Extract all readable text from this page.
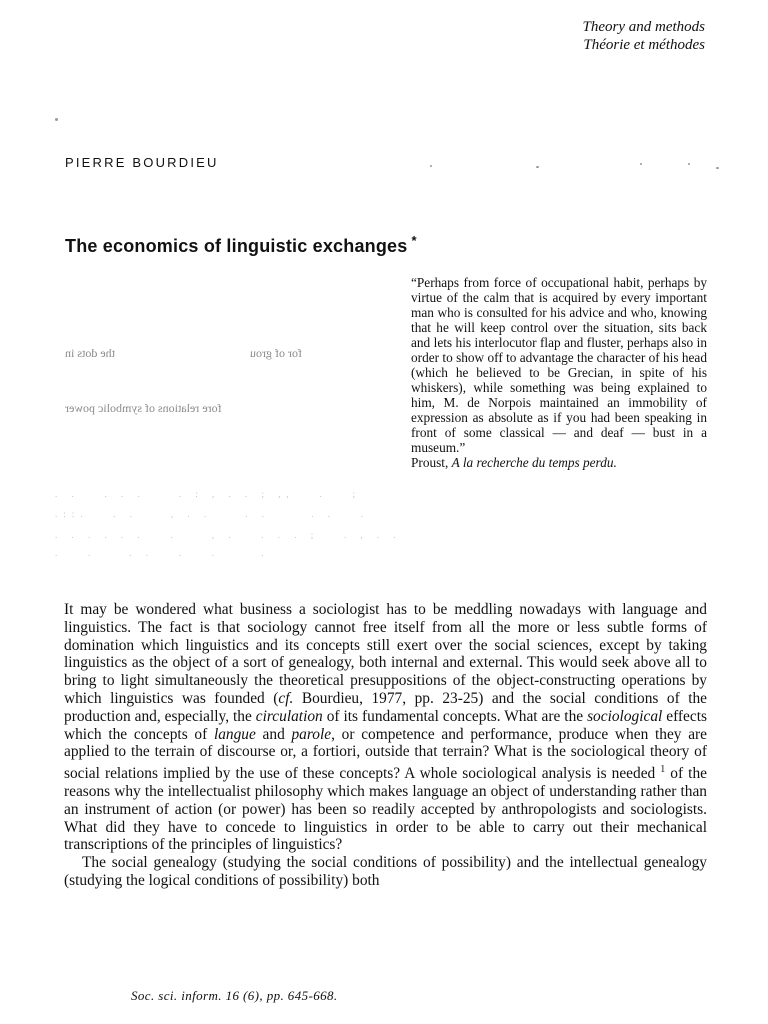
Theory and methods
Théorie et méthodes
PIERRE BOURDIEU
The economics of linguistic exchanges *
“Perhaps from force of occupational habit, perhaps by virtue of the calm that is acquired by every important man who is consulted for his advice and who, knowing that he will keep control over the situation, sits back and lets his interlocutor flap and fluster, perhaps also in order to show off to advantage the character of his head (which he believed to be Grecian, in spite of his whiskers), while something was being explained to him, M. de Norpois maintained an immobility of expression as absolute as if you had been speaking in front of some classical — and deaf — bust in a museum.”
Proust, A la recherche du temps perdu.
the dots in	for of grou
fore relations of symbolic power
. .   . . .    . : , . . ; ,,   .   ;
.::.   . .    , . .    . .     . .   .
. . . . . .   .    , .   . . . ;   . , . .
.   .    . .   .   .     .

It may be wondered what business a sociologist has to be meddling nowadays with language and linguistics. The fact is that sociology cannot free itself from all the more or less subtle forms of domination which linguistics and its concepts still exert over the social sciences, except by taking linguistics as the object of a sort of genealogy, both internal and external. This would seek above all to bring to light simultaneously the theoretical presuppositions of the object-constructing operations by which linguistics was founded (cf. Bourdieu, 1977, pp. 23-25) and the social conditions of the production and, especially, the circulation of its fundamental concepts. What are the sociological effects which the concepts of langue and parole, or competence and performance, produce when they are applied to the terrain of discourse or, a fortiori, outside that terrain? What is the sociological theory of social relations implied by the use of these concepts? A whole sociological analysis is needed $^1$ of the reasons why the intellectualist philosophy which makes language an object of understanding rather than an instrument of action (or power) has been so readily accepted by anthropologists and sociologists. What did they have to concede to linguistics in order to be able to carry out their mechanical transcriptions of the principles of linguistics?

The social genealogy (studying the social conditions of possibility) and the intellectual genealogy (studying the logical conditions of possibility) both

Soc. sci. inform. 16 (6), pp. 645-668.
